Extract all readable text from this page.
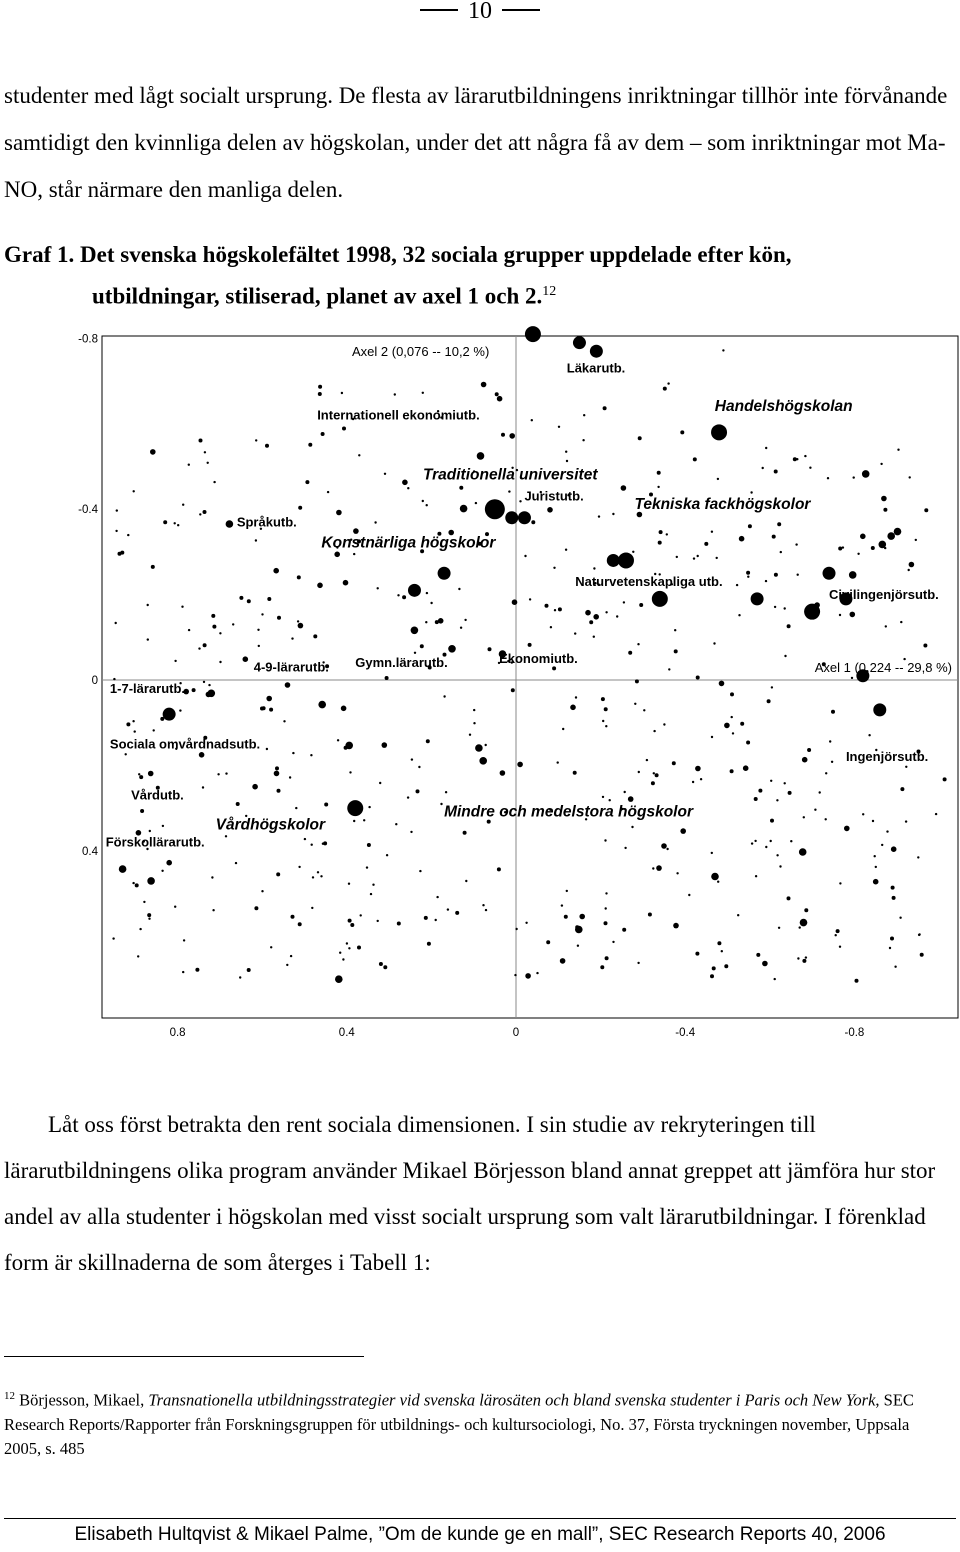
10

studenter med lågt socialt ursprung. De flesta av lärarutbildningens inriktningar tillhör inte förvånande samtidigt den kvinnliga delen av högskolan, under det att några få av dem – som inriktningar mot Ma-NO, står närmare den manliga delen.

Graf 1. Det svenska högskolefältet 1998, 32 sociala grupper uppdelade efter kön,
utbildningar, stiliserad, planet av axel 1 och 2.12

0.8	0.4	0	-0.4	-0.8
-0.8
-0.4
0
0.4
Axel 1 (0,224 -- 29,8 %)
Axel 2 (0,076 -- 10,2 %)
Läkarutb.
Internationell ekonomiutb.
Handelshögskolan
Traditionella universitet
Juristutb.
Tekniska fackhögskolor
Språkutb.
Konstnärliga högskolor
Naturvetenskapliga utb.
Civilingenjörsutb.
4-9-lärarutb. Gymn.lärarutb.	Ekonomiutb.
1-7-lärarutb.
Sociala omvårdnadsutb.
Ingenjörsutb.
Vårdutb.
Mindre och medelstora högskolor
Vårdhögskolor
Förskollärarutb.

Låt oss först betrakta den rent sociala dimensionen. I sin studie av rekryteringen till lärarutbildningens olika program använder Mikael Börjesson bland annat greppet att jämföra hur stor andel av alla studenter i högskolan med visst socialt ursprung som valt lärarutbildningar. I förenklad form är skillnaderna de som återges i Tabell 1:

$^{12}$ Börjesson, Mikael, Transnationella utbildningsstrategier vid svenska lärosäten och bland svenska studenter i Paris och New York, SEC Research Reports/Rapporter från Forskningsgruppen för utbildnings- och kultursociologi, No. 37, Första tryckningen november, Uppsala 2005, s. 485

Elisabeth Hultqvist & Mikael Palme, ”Om de kunde ge en mall”, SEC Research Reports 40, 2006
